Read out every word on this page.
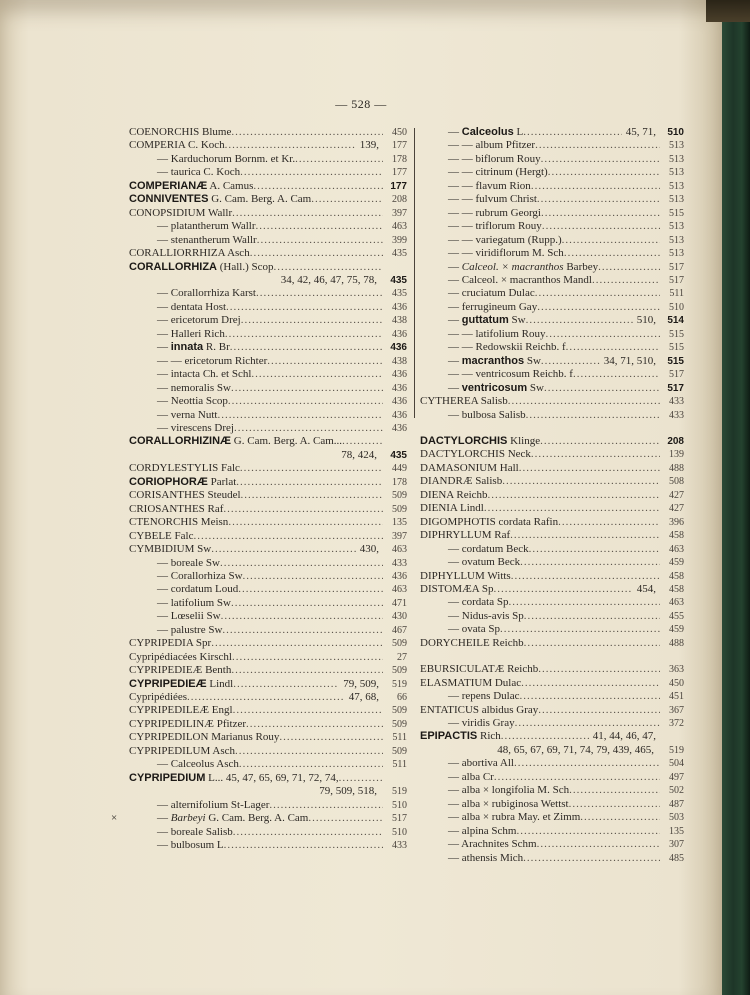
— 528 —
COENORCHIS Blume .....	450
COMPERIA C. Koch .....	139,	177
— Karduchorum Bornm. et Kr. .....	178
— taurica C. Koch .....	177
COMPERIANÆ A. Camus .....	177
CONNIVENTES G. Cam. Berg. A. Cam .....	208
CONOPSIDIUM Wallr .....	397
— platantherum Wallr .....	463
— stenantherum Wallr .....	399
CORALLIORRHIZA Asch .....	435
CORALLORHIZA (Hall.) Scop
.....
34, 42, 46, 47, 75, 78,	435
— Corallorrhiza Karst .....	435
— dentata Host .....	436
— ericetorum Drej .....	438
— Halleri Rich .....	436
— innata R. Br .....	436
— — ericetorum Richter .....	438
— intacta Ch. et Schl .....	436
— nemoralis Sw .....	436
— Neottia Scop .....	436
— verna Nutt .....	436
— virescens Drej .....	436
CORALLORHIZINÆ G. Cam. Berg. A. Cam...
.....
78, 424,	435
CORDYLESTYLIS Falc .....	449
CORIOPHORÆ Parlat .....	178
CORISANTHES Steudel .....	509
CRIOSANTHES Raf .....	509
CTENORCHIS Meisn .....	135
CYBELE Falc .....	397
CYMBIDIUM Sw .....	430,	463
— boreale Sw .....	433
— Corallorhiza Sw .....	436
— cordatum Loud .....	463
— latifolium Sw .....	471
— Lœselii Sw .....	430
— palustre Sw .....	467
CYPRIPEDIA Spr .....	509
Cypripédiacées Kirschl .....	27
CYPRIPEDIEÆ Benth .....	509
CYPRIPEDIEÆ Lindl .....	79, 509,	519
Cypripédiées .....	47, 68,	66
CYPRIPEDILEÆ Engl .....	509
CYPRIPEDILINÆ Pfitzer .....	509
CYPRIPEDILON Marianus Rouy .....	511
CYPRIPEDILUM Asch .....	509
— Calceolus Asch .....	511
CYPRIPEDIUM L... 45, 47, 65, 69, 71, 72, 74,
.....
79, 509, 518,	519
— alternifolium St-Lager .....	510
×	— Barbeyi G. Cam. Berg. A. Cam .....	517
— boreale Salisb .....	510
— bulbosum L .....	433
— Calceolus L .....	45, 71,	510
— — album Pfitzer .....	513
— — biflorum Rouy .....	513
— — citrinum (Hergt) .....	513
— — flavum Rion .....	513
— — fulvum Christ .....	513
— — rubrum Georgi .....	515
— — triflorum Rouy .....	513
— — variegatum (Rupp.) .....	513
— — viridiflorum M. Sch .....	513
— Calceol. × macranthos Barbey .....	517
— Calceol. × macranthos Mandl .....	517
— cruciatum Dulac .....	511
— ferrugineum Gay .....	510
— guttatum Sw .....	510,	514
— — latifolium Rouy .....	515
— — Redowskii Reichb. f .....	515
— macranthos Sw .....	34, 71, 510,	515
— — ventricosum Reichb. f .....	517
— ventricosum Sw .....	517
CYTHEREA Salisb .....	433
— bulbosa Salisb .....	433
DACTYLORCHIS Klinge .....	208
DACTYLORCHIS Neck .....	139
DAMASONIUM Hall .....	488
DIANDRÆ Salisb .....	508
DIENA Reichb .....	427
DIENIA Lindl .....	427
DIGOMPHOTIS cordata Rafin .....	396
DIPHRYLLUM Raf .....	458
— cordatum Beck .....	463
— ovatum Beck .....	459
DIPHYLLUM Witts .....	458
DISTOMÆA Sp .....	454,	458
— cordata Sp .....	463
— Nidus-avis Sp .....	455
— ovata Sp .....	459
DORYCHEILE Reichb .....	488
EBURSICULATÆ Reichb .....	363
ELASMATIUM Dulac .....	450
— repens Dulac .....	451
ENTATICUS albidus Gray .....	367
— viridis Gray .....	372
EPIPACTIS Rich .....	41, 44, 46, 47,
48, 65, 67, 69, 71, 74, 79, 439, 465,	519
— abortiva All .....	504
— alba Cr .....	497
— alba × longifolia M. Sch .....	502
— alba × rubiginosa Wettst .....	487
— alba × rubra May. et Zimm .....	503
— alpina Schm .....	135
— Arachnites Schm .....	307
— athensis Mich .....	485
